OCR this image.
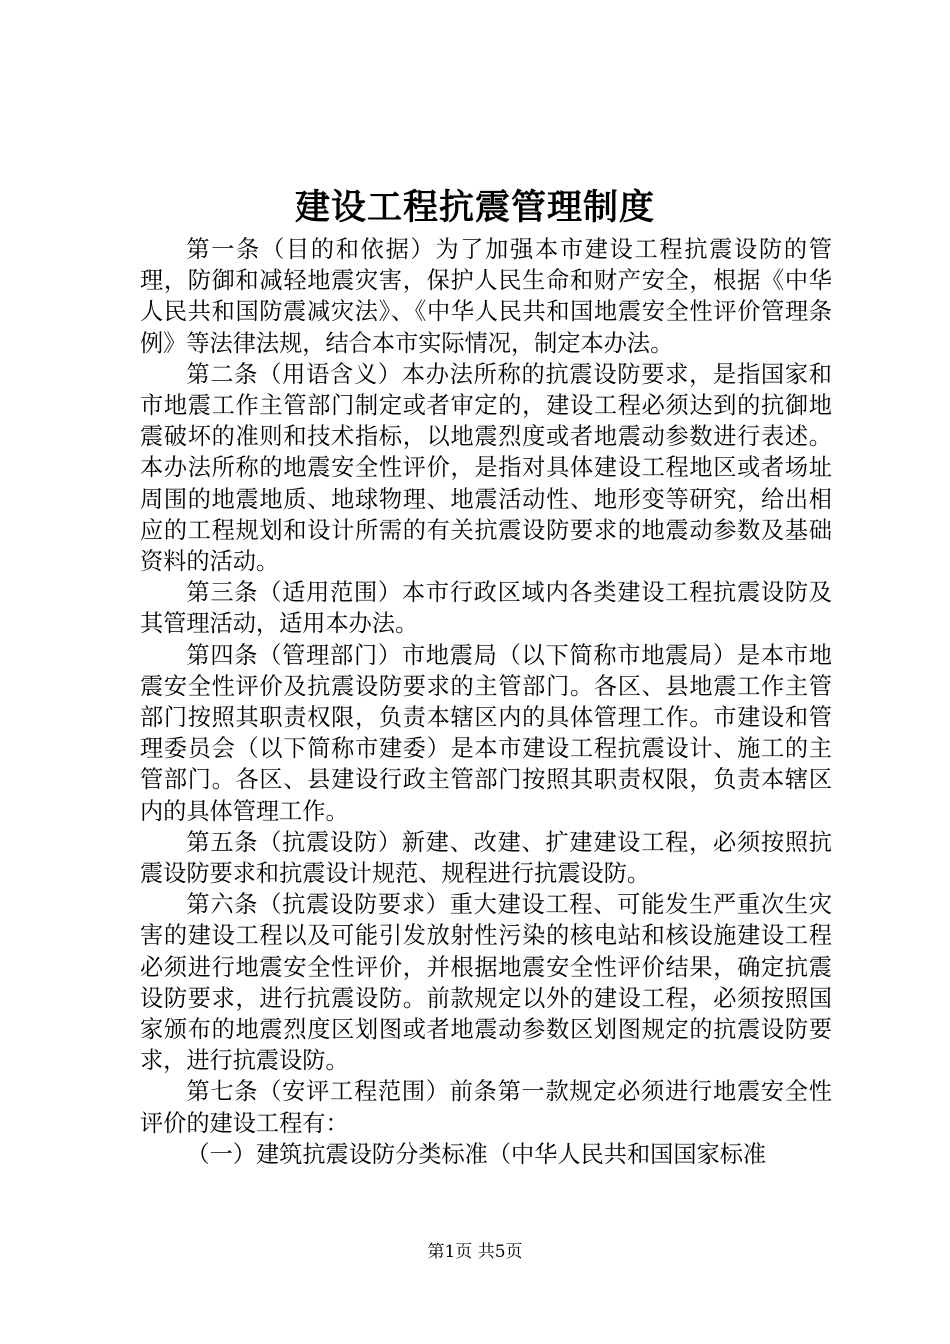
建设工程抗震管理制度

第一条（目的和依据）为了加强本市建设工程抗震设防的管理，防御和减轻地震灾害，保护人民生命和财产安全，根据《中华人民共和国防震减灾法》、《中华人民共和国地震安全性评价管理条例》等法律法规，结合本市实际情况，制定本办法。

第二条（用语含义）本办法所称的抗震设防要求，是指国家和市地震工作主管部门制定或者审定的，建设工程必须达到的抗御地震破坏的准则和技术指标，以地震烈度或者地震动参数进行表述。本办法所称的地震安全性评价，是指对具体建设工程地区或者场址周围的地震地质、地球物理、地震活动性、地形变等研究，给出相应的工程规划和设计所需的有关抗震设防要求的地震动参数及基础资料的活动。

第三条（适用范围）本市行政区域内各类建设工程抗震设防及其管理活动，适用本办法。

第四条（管理部门）市地震局（以下简称市地震局）是本市地震安全性评价及抗震设防要求的主管部门。各区、县地震工作主管部门按照其职责权限，负责本辖区内的具体管理工作。市建设和管理委员会（以下简称市建委）是本市建设工程抗震设计、施工的主管部门。各区、县建设行政主管部门按照其职责权限，负责本辖区内的具体管理工作。

第五条（抗震设防）新建、改建、扩建建设工程，必须按照抗震设防要求和抗震设计规范、规程进行抗震设防。

第六条（抗震设防要求）重大建设工程、可能发生严重次生灾害的建设工程以及可能引发放射性污染的核电站和核设施建设工程必须进行地震安全性评价，并根据地震安全性评价结果，确定抗震设防要求，进行抗震设防。前款规定以外的建设工程，必须按照国家颁布的地震烈度区划图或者地震动参数区划图规定的抗震设防要求，进行抗震设防。

第七条（安评工程范围）前条第一款规定必须进行地震安全性评价的建设工程有：

（一）建筑抗震设防分类标准（中华人民共和国国家标准

第1页 共5页
